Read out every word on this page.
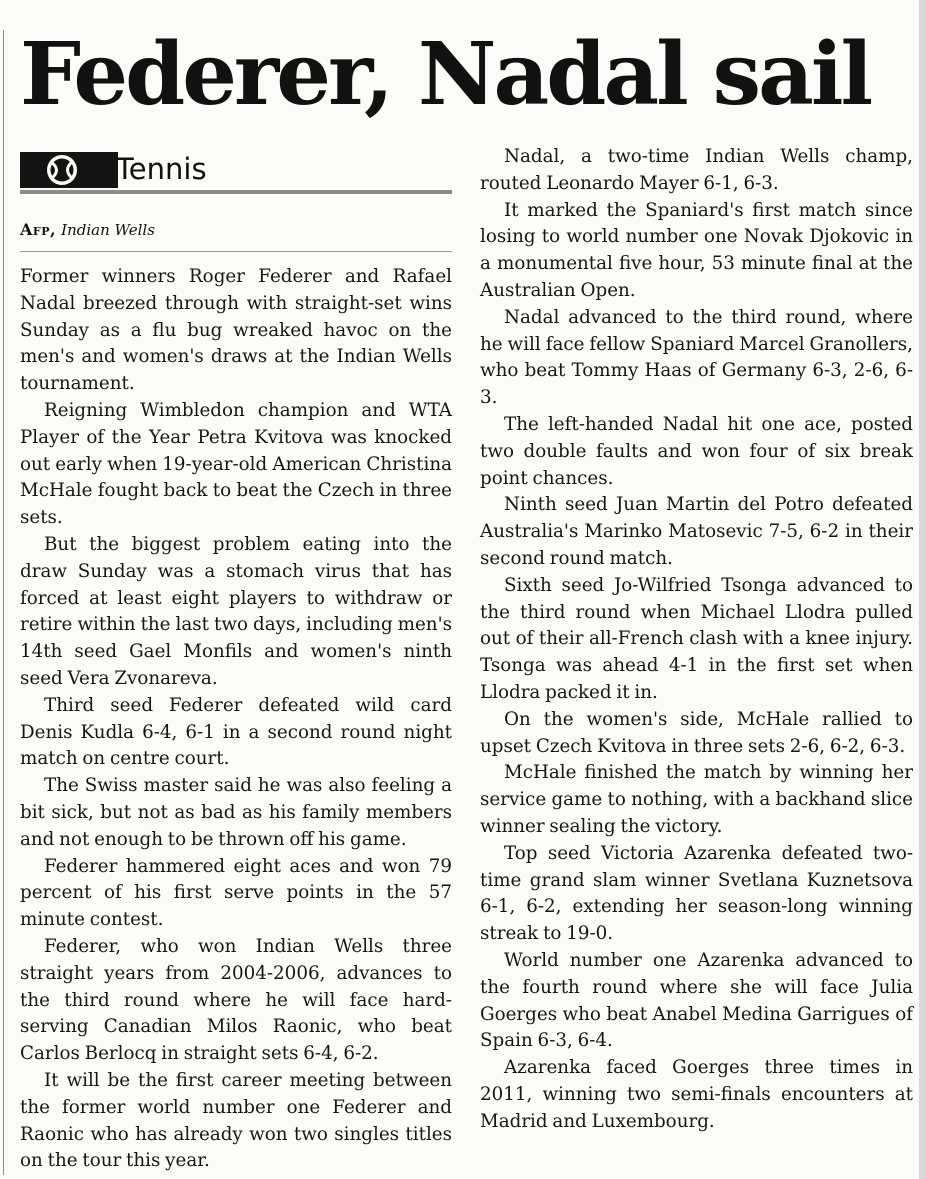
Federer, Nadal sail
Tennis
Afp, Indian Wells

Former winners Roger Federer and Rafael Nadal breezed through with straight-set wins Sunday as a flu bug wreaked havoc on the men's and women's draws at the Indian Wells tournament.

Reigning Wimbledon champion and WTA Player of the Year Petra Kvitova was knocked out early when 19-year-old American Christina McHale fought back to beat the Czech in three sets.

But the biggest problem eating into the draw Sunday was a stomach virus that has forced at least eight players to withdraw or retire within the last two days, including men's 14th seed Gael Monfils and women's ninth seed Vera Zvonareva.

Third seed Federer defeated wild card Denis Kudla 6-4, 6-1 in a second round night match on centre court.

The Swiss master said he was also feeling a bit sick, but not as bad as his family members and not enough to be thrown off his game.

Federer hammered eight aces and won 79 percent of his first serve points in the 57 minute contest.

Federer, who won Indian Wells three straight years from 2004-2006, advances to the third round where he will face hard-serving Canadian Milos Raonic, who beat Carlos Berlocq in straight sets 6-4, 6-2.

It will be the first career meeting between the former world number one Federer and Raonic who has already won two singles titles on the tour this year.

Nadal, a two-time Indian Wells champ, routed Leonardo Mayer 6-1, 6-3.

It marked the Spaniard's first match since losing to world number one Novak Djokovic in a monumental five hour, 53 minute final at the Australian Open.

Nadal advanced to the third round, where he will face fellow Spaniard Marcel Granollers, who beat Tommy Haas of Germany 6-3, 2-6, 6-3.

The left-handed Nadal hit one ace, posted two double faults and won four of six break point chances.

Ninth seed Juan Martin del Potro defeated Australia's Marinko Matosevic 7-5, 6-2 in their second round match.

Sixth seed Jo-Wilfried Tsonga advanced to the third round when Michael Llodra pulled out of their all-French clash with a knee injury. Tsonga was ahead 4-1 in the first set when Llodra packed it in.

On the women's side, McHale rallied to upset Czech Kvitova in three sets 2-6, 6-2, 6-3.

McHale finished the match by winning her service game to nothing, with a backhand slice winner sealing the victory.

Top seed Victoria Azarenka defeated two-time grand slam winner Svetlana Kuznetsova 6-1, 6-2, extending her season-long winning streak to 19-0.

World number one Azarenka advanced to the fourth round where she will face Julia Goerges who beat Anabel Medina Garrigues of Spain 6-3, 6-4.

Azarenka faced Goerges three times in 2011, winning two semi-finals encounters at Madrid and Luxembourg.
